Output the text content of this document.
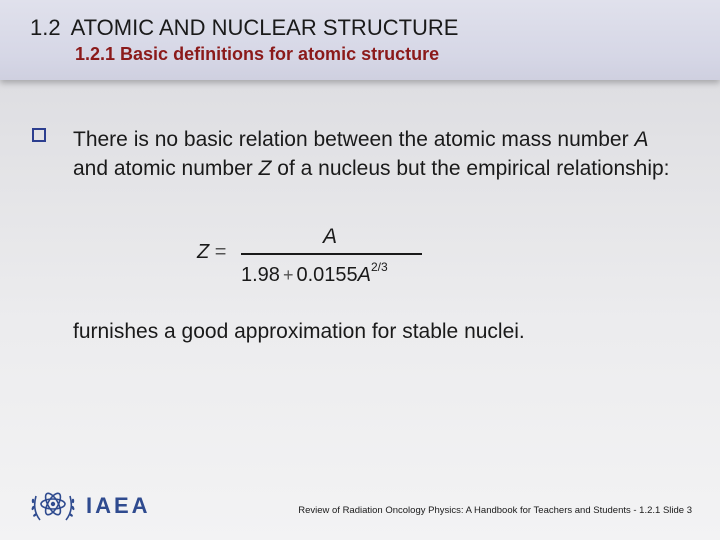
1.2 ATOMIC AND NUCLEAR STRUCTURE
1.2.1 Basic definitions for atomic structure
There is no basic relation between the atomic mass number A and atomic number Z of a nucleus but the empirical relationship:
Z =
A
$1.98 + 0.0155A^{2/3}$
furnishes a good approximation for stable nuclei.
IAEA	Review of Radiation Oncology Physics: A Handbook for Teachers and Students - 1.2.1 Slide 3
